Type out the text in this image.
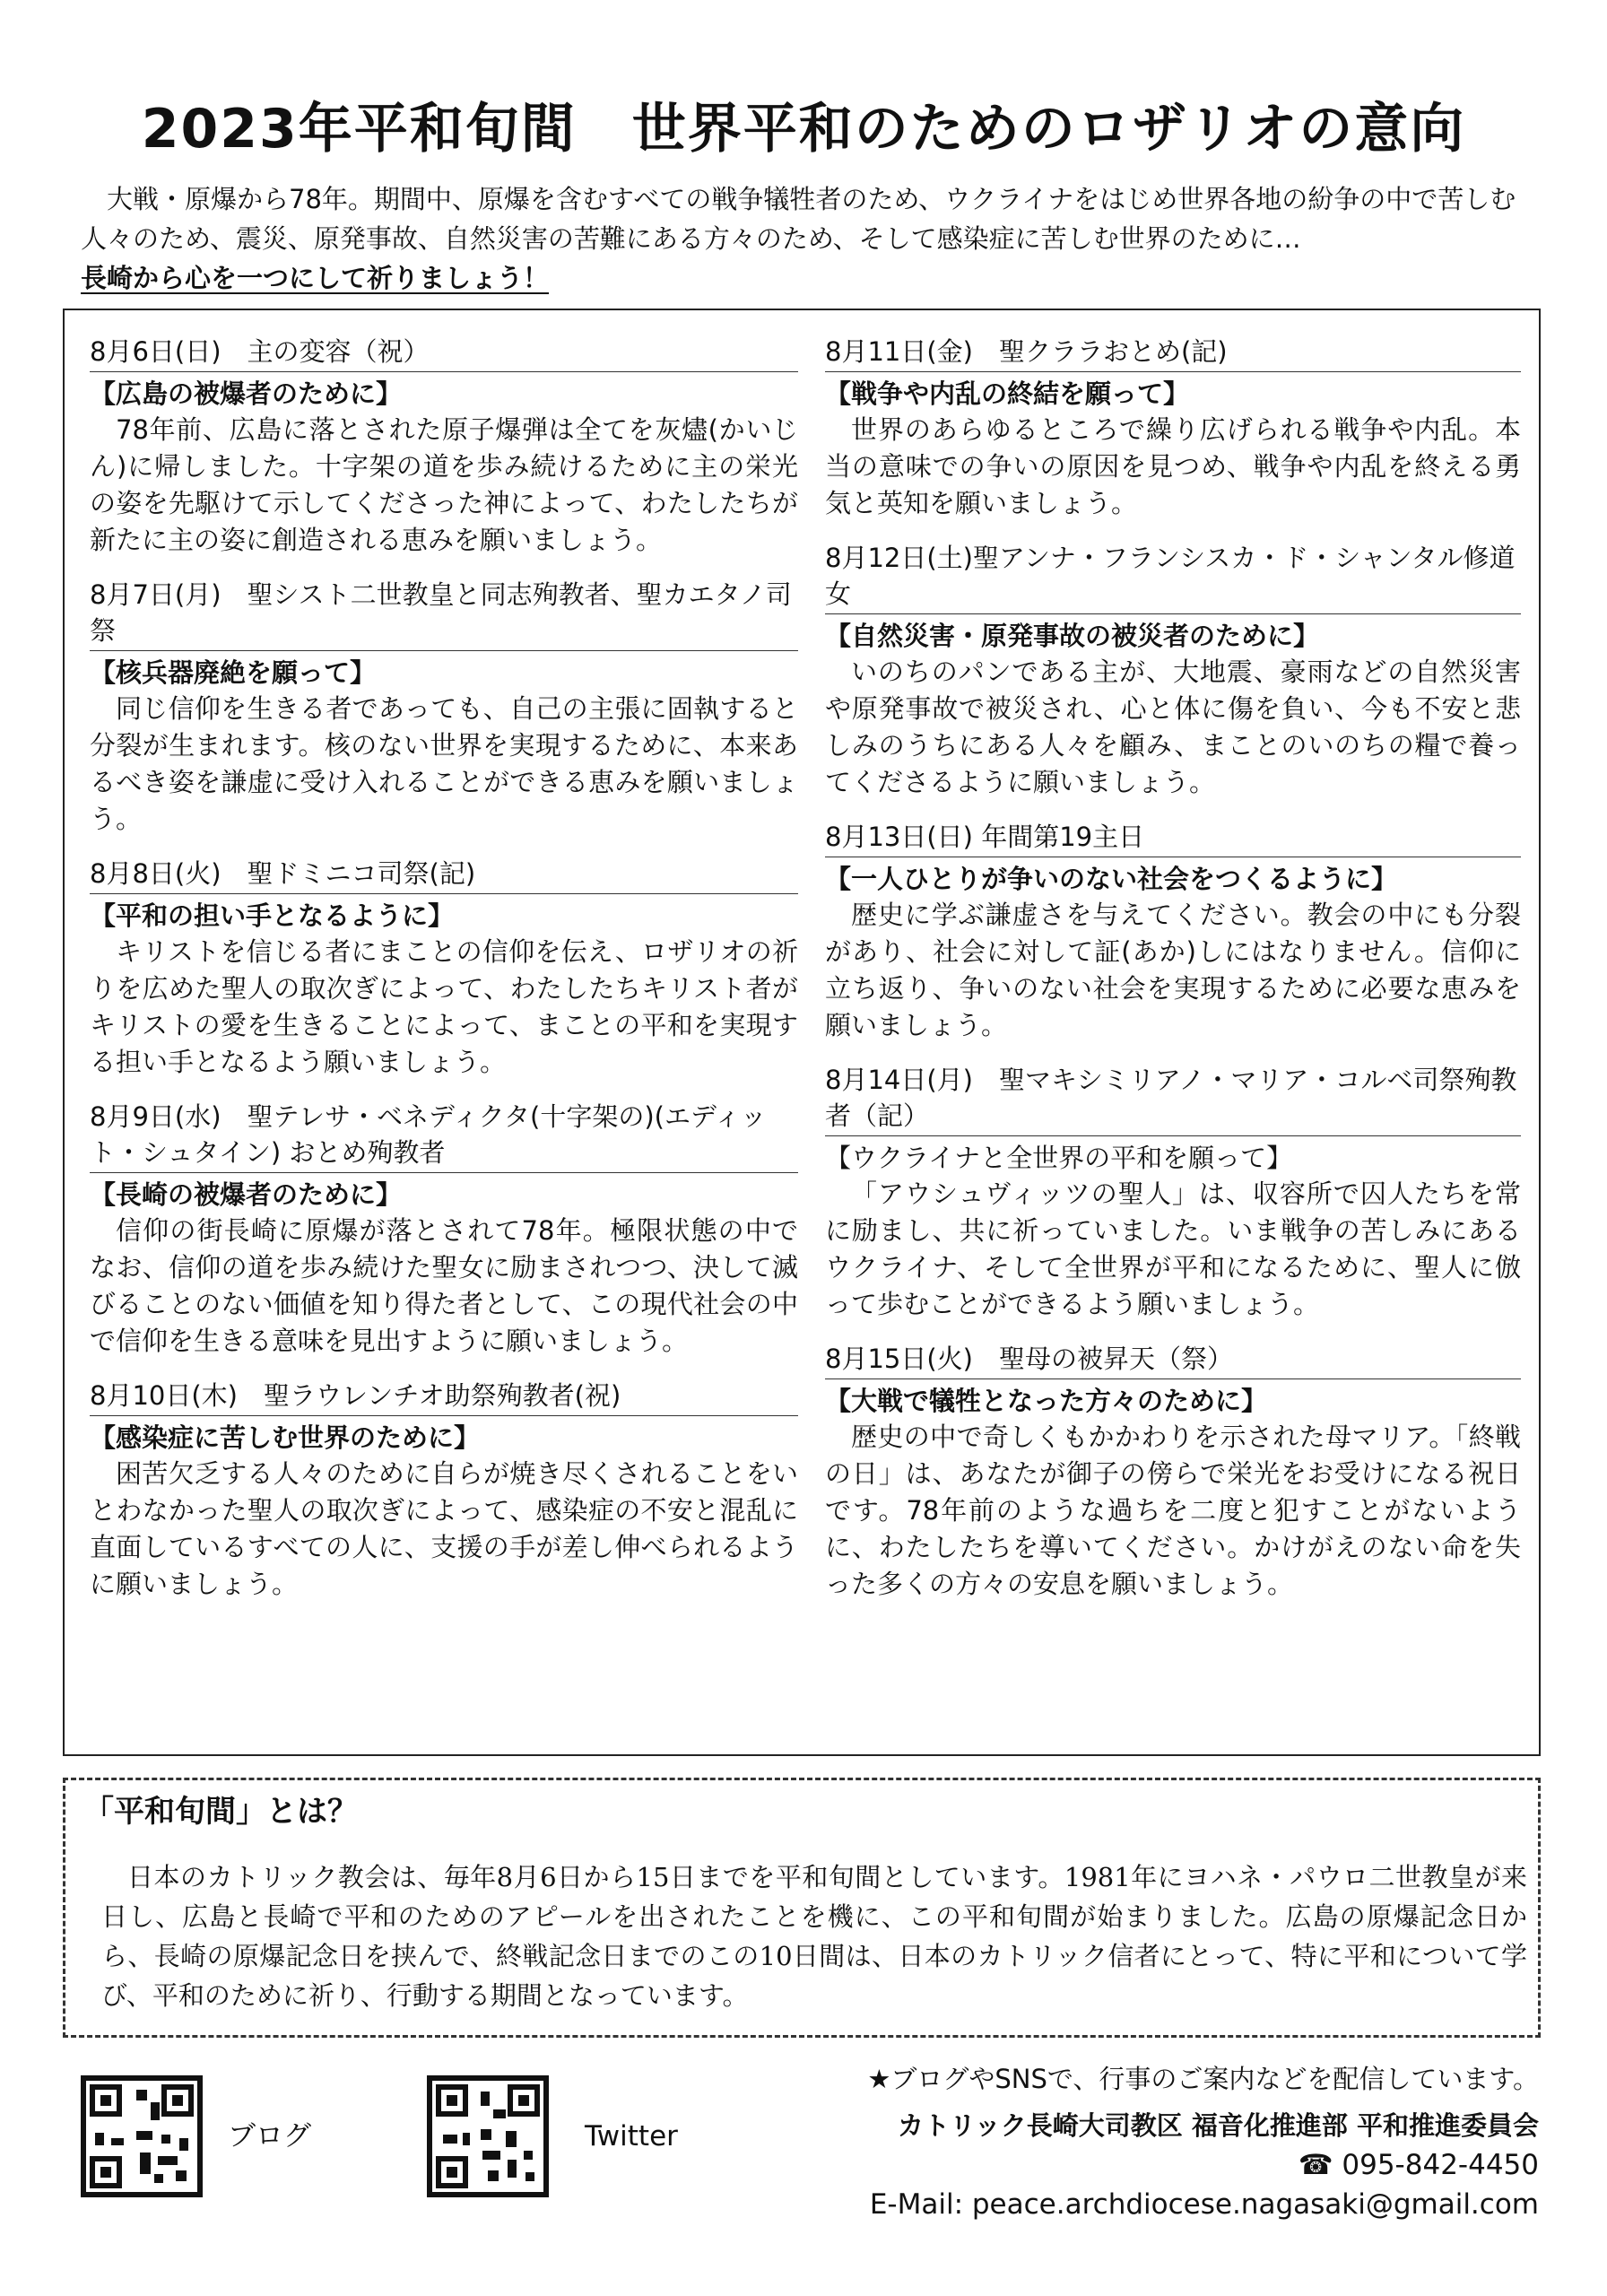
2023年平和旬間　世界平和のためのロザリオの意向
大戦・原爆から78年。期間中、原爆を含むすべての戦争犠牲者のため、ウクライナをはじめ世界各地の紛争の中で苦しむ人々のため、震災、原発事故、自然災害の苦難にある方々のため、そして感染症に苦しむ世界のために…
長崎から心を一つにして祈りましょう！
8月6日(日)　主の変容（祝）
【広島の被爆者のために】

78年前、広島に落とされた原子爆弾は全てを灰燼(かいじん)に帰しました。十字架の道を歩み続けるために主の栄光の姿を先駆けて示してくださった神によって、わたしたちが新たに主の姿に創造される恵みを願いましょう。

8月7日(月)　聖シスト二世教皇と同志殉教者、聖カエタノ司祭
【核兵器廃絶を願って】

同じ信仰を生きる者であっても、自己の主張に固執すると分裂が生まれます。核のない世界を実現するために、本来あるべき姿を謙虚に受け入れることができる恵みを願いましょう。

8月8日(火)　聖ドミニコ司祭(記)
【平和の担い手となるように】

キリストを信じる者にまことの信仰を伝え、ロザリオの祈りを広めた聖人の取次ぎによって、わたしたちキリスト者がキリストの愛を生きることによって、まことの平和を実現する担い手となるよう願いましょう。

8月9日(水)　聖テレサ・ベネディクタ(十字架の)(エディット・シュタイン) おとめ殉教者
【長崎の被爆者のために】

信仰の街長崎に原爆が落とされて78年。極限状態の中でなお、信仰の道を歩み続けた聖女に励まされつつ、決して滅びることのない価値を知り得た者として、この現代社会の中で信仰を生きる意味を見出すように願いましょう。

8月10日(木)　聖ラウレンチオ助祭殉教者(祝)
【感染症に苦しむ世界のために】

困苦欠乏する人々のために自らが焼き尽くされることをいとわなかった聖人の取次ぎによって、感染症の不安と混乱に直面しているすべての人に、支援の手が差し伸べられるように願いましょう。

8月11日(金)　聖クララおとめ(記)
【戦争や内乱の終結を願って】

世界のあらゆるところで繰り広げられる戦争や内乱。本当の意味での争いの原因を見つめ、戦争や内乱を終える勇気と英知を願いましょう。

8月12日(土)聖アンナ・フランシスカ・ド・シャンタル修道女
【自然災害・原発事故の被災者のために】

いのちのパンである主が、大地震、豪雨などの自然災害や原発事故で被災され、心と体に傷を負い、今も不安と悲しみのうちにある人々を顧み、まことのいのちの糧で養ってくださるように願いましょう。

8月13日(日) 年間第19主日
【一人ひとりが争いのない社会をつくるように】

歴史に学ぶ謙虚さを与えてください。教会の中にも分裂があり、社会に対して証(あか)しにはなりません。信仰に立ち返り、争いのない社会を実現するために必要な恵みを願いましょう。

8月14日(月)　聖マキシミリアノ・マリア・コルベ司祭殉教者（記）
【ウクライナと全世界の平和を願って】

「アウシュヴィッツの聖人」は、収容所で囚人たちを常に励まし、共に祈っていました。いま戦争の苦しみにあるウクライナ、そして全世界が平和になるために、聖人に倣って歩むことができるよう願いましょう。

8月15日(火)　聖母の被昇天（祭）
【大戦で犠牲となった方々のために】

歴史の中で奇しくもかかわりを示された母マリア。「終戦の日」は、あなたが御子の傍らで栄光をお受けになる祝日です。78年前のような過ちを二度と犯すことがないように、わたしたちを導いてください。かけがえのない命を失った多くの方々の安息を願いましょう。

「平和旬間」とは？

日本のカトリック教会は、毎年8月6日から15日までを平和旬間としています。1981年にヨハネ・パウロ二世教皇が来日し、広島と長崎で平和のためのアピールを出されたことを機に、この平和旬間が始まりました。広島の原爆記念日から、長崎の原爆記念日を挟んで、終戦記念日までのこの10日間は、日本のカトリック信者にとって、特に平和について学び、平和のために祈り、行動する期間となっています。

ブログ	Twitter
★ブログやSNSで、行事のご案内などを配信しています。
カトリック長崎大司教区 福音化推進部 平和推進委員会
☎ 095-842-4450
E-Mail: peace.archdiocese.nagasaki@gmail.com
